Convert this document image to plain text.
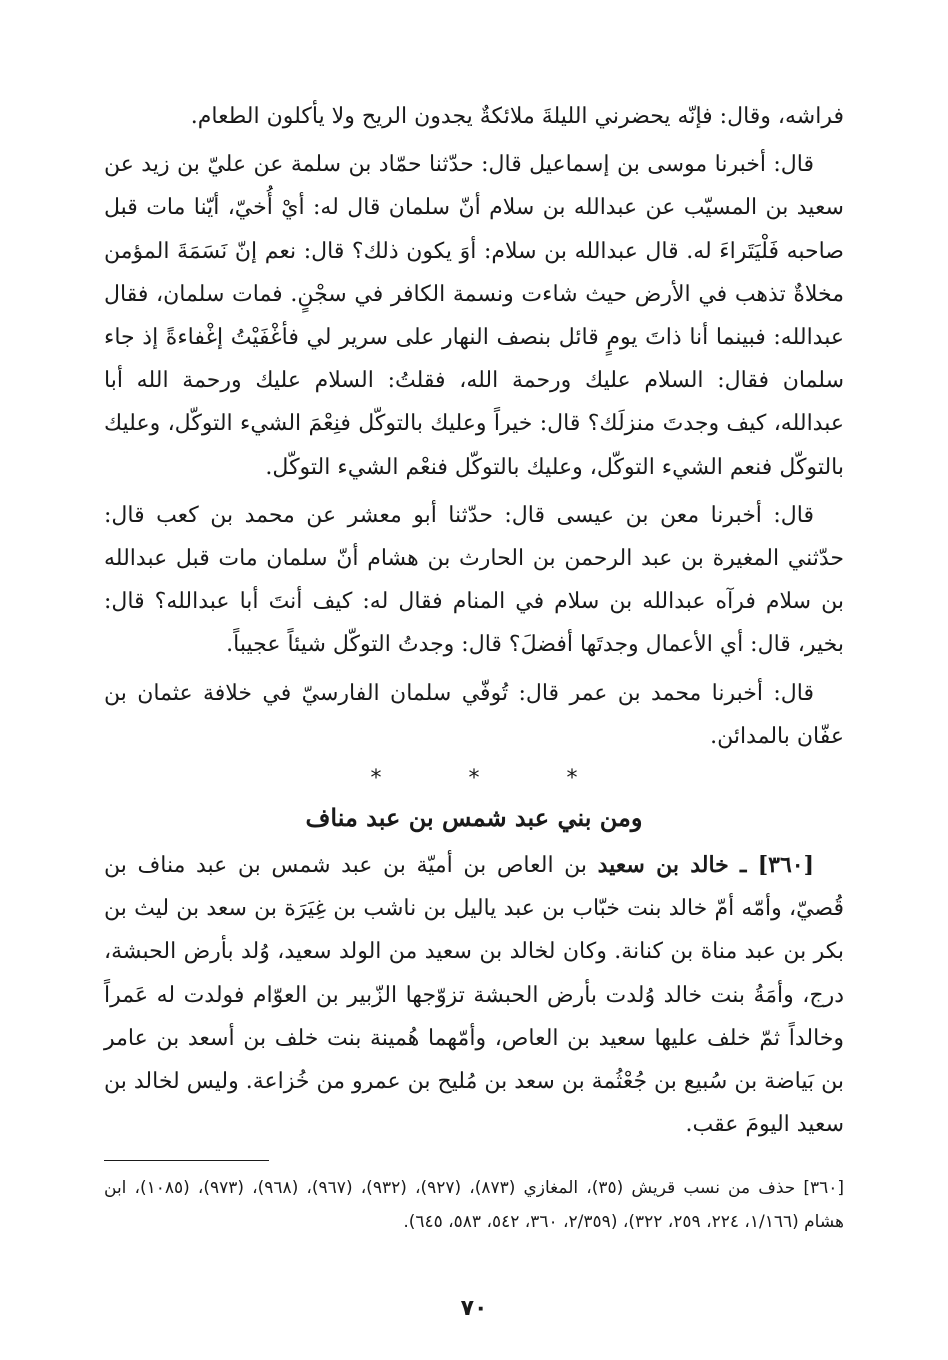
فراشه، وقال: فإنّه يحضرني الليلةَ ملائكةٌ يجدون الريح ولا يأكلون الطعام.

قال: أخبرنا موسى بن إسماعيل قال: حدّثنا حمّاد بن سلمة عن عليّ بن زيد عن سعيد بن المسيّب عن عبدالله بن سلام أنّ سلمان قال له: أيْ أُخيّ، أيّنا مات قبل صاحبه فَلْيَتَراءَ له. قال عبدالله بن سلام: أوَ يكون ذلك؟ قال: نعم إنّ نَسَمَةَ المؤمن مخلاةٌ تذهب في الأرض حيث شاءت ونسمة الكافر في سجْنٍ. فمات سلمان، فقال عبدالله: فبينما أنا ذاتَ يومٍ قائل بنصف النهار على سرير لي فأغْفَيْتُ إغْفاءةً إذ جاء سلمان فقال: السلام عليك ورحمة الله، فقلتُ: السلام عليك ورحمة الله أبا عبدالله، كيف وجدتَ منزلَك؟ قال: خيراً وعليك بالتوكّل فنِعْمَ الشيء التوكّل، وعليك بالتوكّل فنعم الشيء التوكّل، وعليك بالتوكّل فنعْم الشيء التوكّل.

قال: أخبرنا معن بن عيسى قال: حدّثنا أبو معشر عن محمد بن كعب قال: حدّثني المغيرة بن عبد الرحمن بن الحارث بن هشام أنّ سلمان مات قبل عبدالله بن سلام فرآه عبدالله بن سلام في المنام فقال له: كيف أنتَ أبا عبدالله؟ قال: بخير، قال: أي الأعمال وجدتَها أفضلَ؟ قال: وجدتُ التوكّل شيئاً عجيباً.

قال: أخبرنا محمد بن عمر قال: تُوفّي سلمان الفارسيّ في خلافة عثمان بن عفّان بالمدائن.

* * *
ومن بني عبد شمس بن عبد مناف

[٣٦٠] ـ خالد بن سعيد بن العاص بن أميّة بن عبد شمس بن عبد مناف بن قُصيّ، وأمّه أمّ خالد بنت خبّاب بن عبد ياليل بن ناشب بن غِيَرَة بن سعد بن ليث بن بكر بن عبد مناة بن كنانة. وكان لخالد بن سعيد من الولد سعيد، وُلد بأرض الحبشة، درج، وأمَةُ بنت خالد وُلدت بأرض الحبشة تزوّجها الزّبير بن العوّام فولدت له عَمراً وخالداً ثمّ خلف عليها سعيد بن العاص، وأمّهما هُمينة بنت خلف بن أسعد بن عامر بن بَياضة بن سُبيع بن جُعْثُمة بن سعد بن مُليح بن عمرو من خُزاعة. وليس لخالد بن سعيد اليومَ عقب.

[٣٦٠] حذف من نسب قريش (٣٥)، المغازي (٨٧٣)، (٩٢٧)، (٩٣٢)، (٩٦٧)، (٩٦٨)، (٩٧٣)، (١٠٨٥)، ابن هشام (١/١٦٦، ٢٢٤، ٢٥٩، ٣٢٢)، (٢/٣٥٩، ٣٦٠، ٥٤٢، ٥٨٣، ٦٤٥).
٧٠
